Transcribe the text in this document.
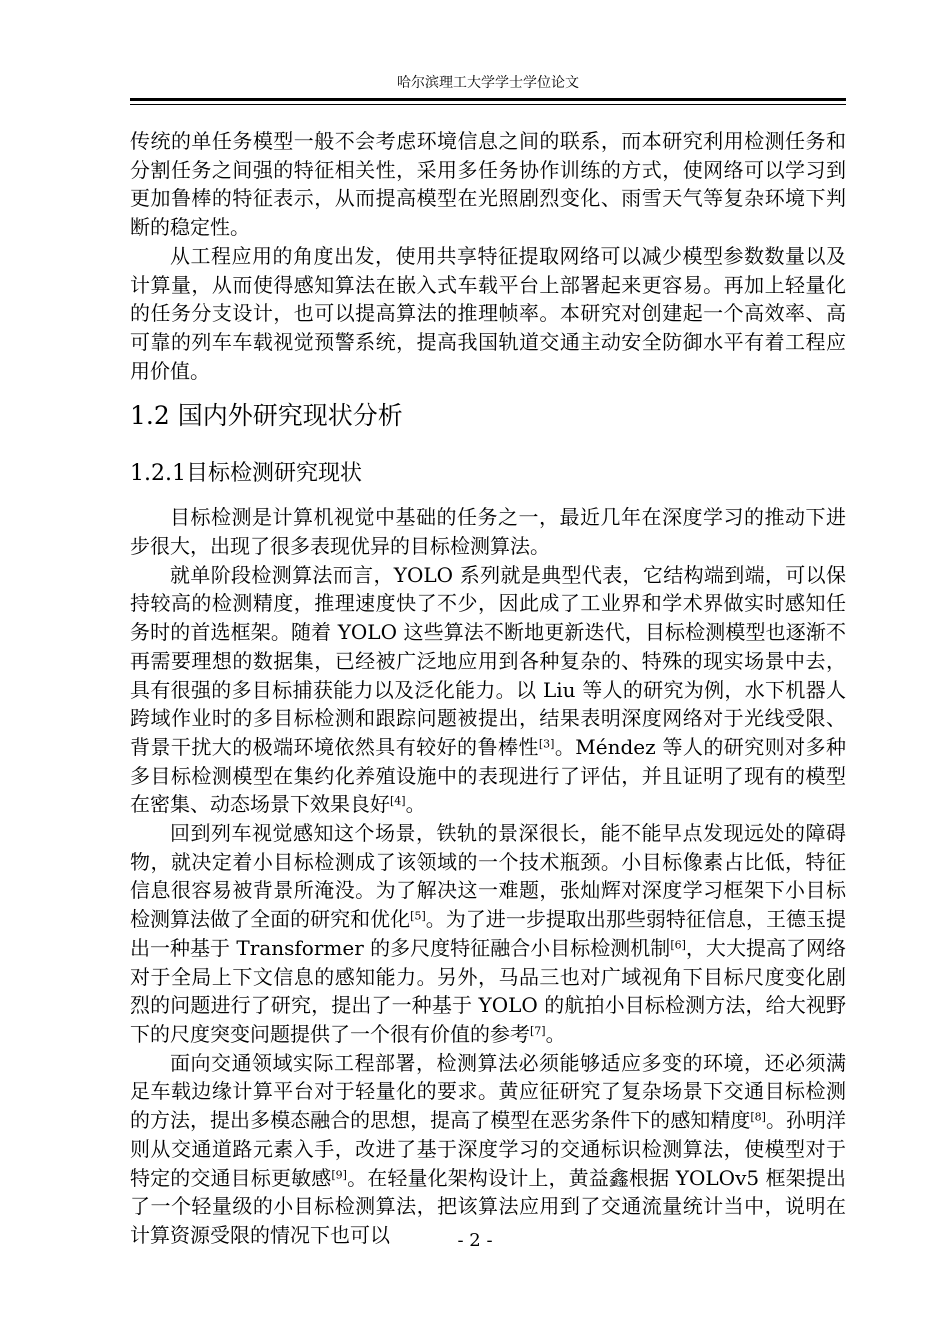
哈尔滨理工大学学士学位论文

传统的单任务模型一般不会考虑环境信息之间的联系，而本研究利用检测任务和分割任务之间强的特征相关性，采用多任务协作训练的方式，使网络可以学习到更加鲁棒的特征表示，从而提高模型在光照剧烈变化、雨雪天气等复杂环境下判断的稳定性。

从工程应用的角度出发，使用共享特征提取网络可以减少模型参数数量以及计算量，从而使得感知算法在嵌入式车载平台上部署起来更容易。再加上轻量化的任务分支设计，也可以提高算法的推理帧率。本研究对创建起一个高效率、高可靠的列车车载视觉预警系统，提高我国轨道交通主动安全防御水平有着工程应用价值。

1.2 国内外研究现状分析
1.2.1目标检测研究现状

目标检测是计算机视觉中基础的任务之一，最近几年在深度学习的推动下进步很大，出现了很多表现优异的目标检测算法。

就单阶段检测算法而言，YOLO 系列就是典型代表，它结构端到端，可以保持较高的检测精度，推理速度快了不少，因此成了工业界和学术界做实时感知任务时的首选框架。随着 YOLO 这些算法不断地更新迭代，目标检测模型也逐渐不再需要理想的数据集，已经被广泛地应用到各种复杂的、特殊的现实场景中去，具有很强的多目标捕获能力以及泛化能力。以 Liu 等人的研究为例，水下机器人跨域作业时的多目标检测和跟踪问题被提出，结果表明深度网络对于光线受限、背景干扰大的极端环境依然具有较好的鲁棒性[3]。Méndez 等人的研究则对多种多目标检测模型在集约化养殖设施中的表现进行了评估，并且证明了现有的模型在密集、动态场景下效果良好[4]。

回到列车视觉感知这个场景，铁轨的景深很长，能不能早点发现远处的障碍物，就决定着小目标检测成了该领域的一个技术瓶颈。小目标像素占比低，特征信息很容易被背景所淹没。为了解决这一难题，张灿辉对深度学习框架下小目标检测算法做了全面的研究和优化[5]。为了进一步提取出那些弱特征信息，王德玉提出一种基于 Transformer 的多尺度特征融合小目标检测机制[6]，大大提高了网络对于全局上下文信息的感知能力。另外，马品三也对广域视角下目标尺度变化剧烈的问题进行了研究，提出了一种基于 YOLO 的航拍小目标检测方法，给大视野下的尺度突变问题提供了一个很有价值的参考[7]。

面向交通领域实际工程部署，检测算法必须能够适应多变的环境，还必须满足车载边缘计算平台对于轻量化的要求。黄应征研究了复杂场景下交通目标检测的方法，提出多模态融合的思想，提高了模型在恶劣条件下的感知精度[8]。孙明洋则从交通道路元素入手，改进了基于深度学习的交通标识检测算法，使模型对于特定的交通目标更敏感[9]。在轻量化架构设计上，黄益鑫根据 YOLOv5 框架提出了一个轻量级的小目标检测算法，把该算法应用到了交通流量统计当中，说明在计算资源受限的情况下也可以	- 2 -
